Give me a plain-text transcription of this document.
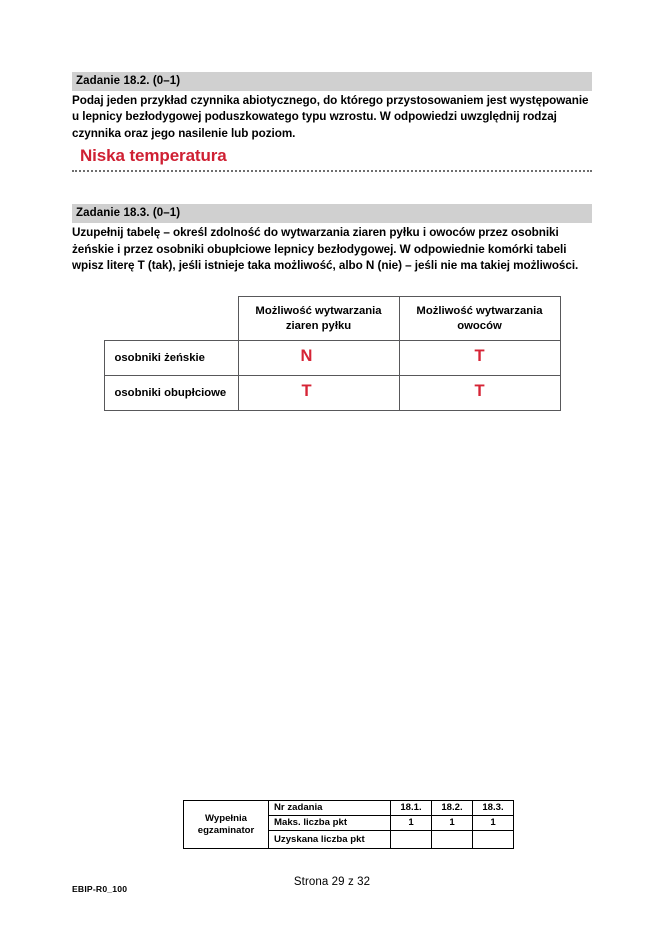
Zadanie 18.2. (0–1)
Podaj jeden przykład czynnika abiotycznego, do którego przystosowaniem jest występowanie u lepnicy bezłodygowej poduszkowatego typu wzrostu. W odpowiedzi uwzględnij rodzaj czynnika oraz jego nasilenie lub poziom.
Niska temperatura
Zadanie 18.3. (0–1)
Uzupełnij tabelę – określ zdolność do wytwarzania ziaren pyłku i owoców przez osobniki żeńskie i przez osobniki obupłciowe lepnicy bezłodygowej. W odpowiednie komórki tabeli wpisz literę T (tak), jeśli istnieje taka możliwość, albo N (nie) – jeśli nie ma takiej możliwości.
	Możliwość wytwarzania ziaren pyłku	Możliwość wytwarzania owoców
osobniki żeńskie	N	T
osobniki obupłciowe	T	T
Wypełnia
egzaminator	Nr zadania	18.1.	18.2.	18.3.
	Maks. liczba pkt	1	1	1
	Uzyskana liczba pkt			
EBIP-R0_100
Strona 29 z 32
